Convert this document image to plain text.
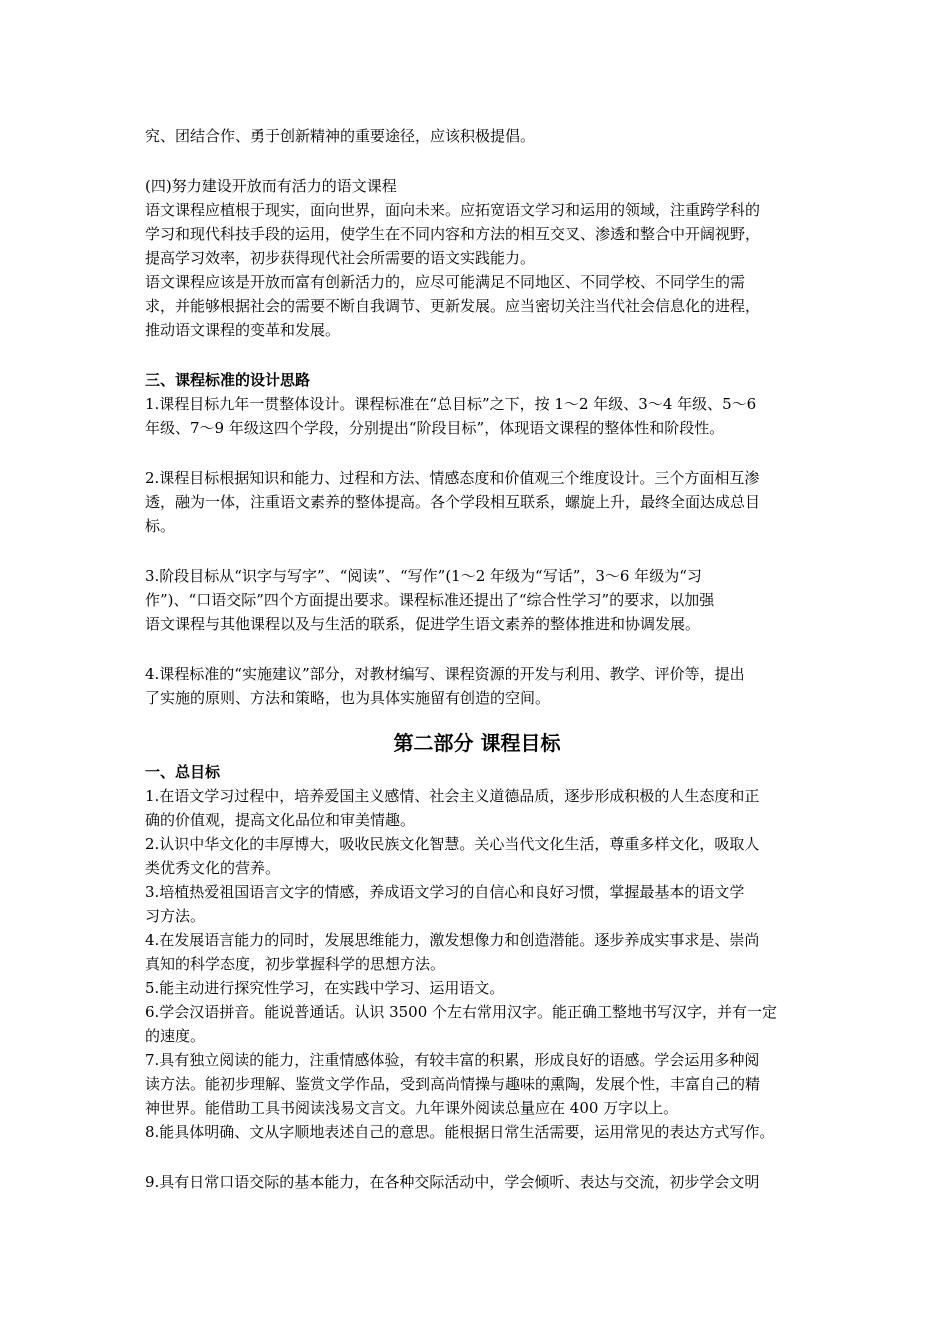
究、团结合作、勇于创新精神的重要途径，应该积极提倡。
(四)努力建设开放而有活力的语文课程
语文课程应植根于现实，面向世界，面向未来。应拓宽语文学习和运用的领域，注重跨学科的
学习和现代科技手段的运用，使学生在不同内容和方法的相互交叉、渗透和整合中开阔视野，
提高学习效率，初步获得现代社会所需要的语文实践能力。
语文课程应该是开放而富有创新活力的，应尽可能满足不同地区、不同学校、不同学生的需
求，并能够根据社会的需要不断自我调节、更新发展。应当密切关注当代社会信息化的进程，
推动语文课程的变革和发展。
三、课程标准的设计思路
1.课程目标九年一贯整体设计。课程标准在“总目标”之下，按 1～2 年级、3～4 年级、5～6
年级、7～9 年级这四个学段，分别提出“阶段目标”，体现语文课程的整体性和阶段性。
2.课程目标根据知识和能力、过程和方法、情感态度和价值观三个维度设计。三个方面相互渗
透，融为一体，注重语文素养的整体提高。各个学段相互联系，螺旋上升，最终全面达成总目
标。
3.阶段目标从“识字与写字”、“阅读”、“写作”(1～2 年级为“写话”，3～6 年级为“习
作”)、“口语交际”四个方面提出要求。课程标准还提出了“综合性学习”的要求，以加强
语文课程与其他课程以及与生活的联系，促进学生语文素养的整体推进和协调发展。
4.课程标准的“实施建议”部分，对教材编写、课程资源的开发与利用、教学、评价等，提出
了实施的原则、方法和策略，也为具体实施留有创造的空间。
第二部分 课程目标
一、总目标
1.在语文学习过程中，培养爱国主义感情、社会主义道德品质，逐步形成积极的人生态度和正
确的价值观，提高文化品位和审美情趣。
2.认识中华文化的丰厚博大，吸收民族文化智慧。关心当代文化生活，尊重多样文化，吸取人
类优秀文化的营养。
3.培植热爱祖国语言文字的情感，养成语文学习的自信心和良好习惯，掌握最基本的语文学
习方法。
4.在发展语言能力的同时，发展思维能力，激发想像力和创造潜能。逐步养成实事求是、崇尚
真知的科学态度，初步掌握科学的思想方法。
5.能主动进行探究性学习，在实践中学习、运用语文。
6.学会汉语拼音。能说普通话。认识 3500 个左右常用汉字。能正确工整地书写汉字，并有一定
的速度。
7.具有独立阅读的能力，注重情感体验，有较丰富的积累，形成良好的语感。学会运用多种阅
读方法。能初步理解、鉴赏文学作品，受到高尚情操与趣味的熏陶，发展个性，丰富自己的精
神世界。能借助工具书阅读浅易文言文。九年课外阅读总量应在 400 万字以上。
8.能具体明确、文从字顺地表述自己的意思。能根据日常生活需要，运用常见的表达方式写作。
9.具有日常口语交际的基本能力，在各种交际活动中，学会倾听、表达与交流，初步学会文明
